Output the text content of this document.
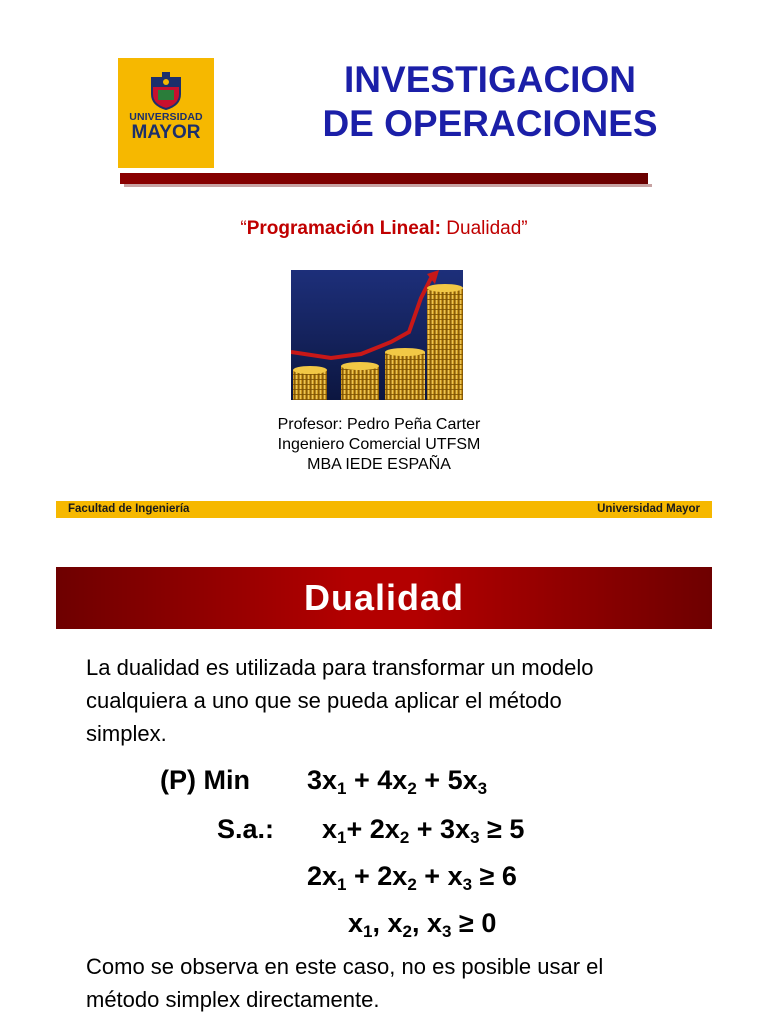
UNIVERSIDAD
MAYOR
INVESTIGACION
DE OPERACIONES
“Programación Lineal: Dualidad”
Profesor: Pedro Peña Carter
Ingeniero Comercial UTFSM
MBA IEDE ESPAÑA
Facultad de Ingeniería	Universidad Mayor
Dualidad
La dualidad es utilizada para transformar un modelo
cualquiera a uno que se pueda aplicar el método
simplex.
(P) Min $3x_1 + 4x_2 + 5x_3$
S.a.: $x_1+ 2x_2 + 3x_3 \ge 5$
$2x_1 + 2x_2 + x_3 \ge 6$
$x_1$, $x_2$, $x_3 \ge 0$
Como se observa en este caso, no es posible usar el
método simplex directamente.
